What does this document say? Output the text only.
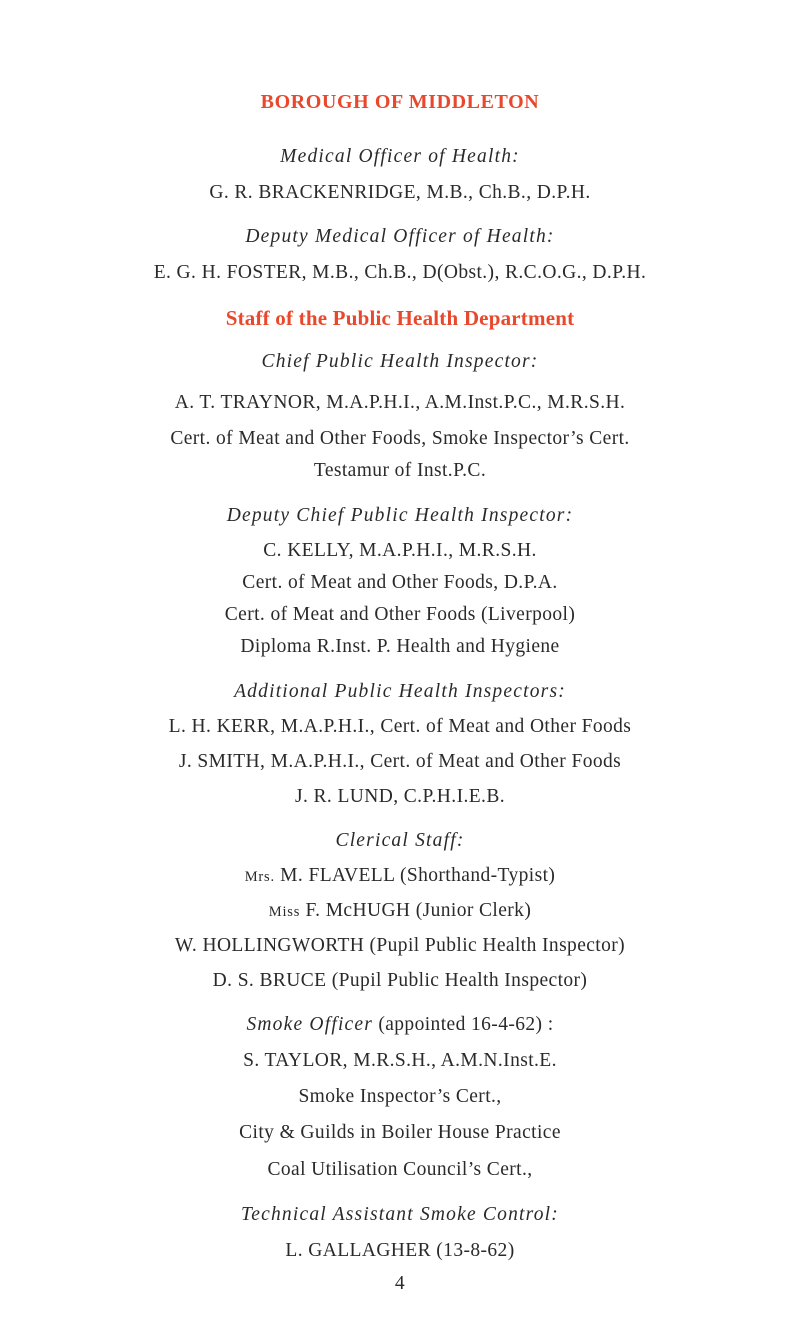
BOROUGH OF MIDDLETON
Medical Officer of Health:
G. R. BRACKENRIDGE, M.B., Ch.B., D.P.H.
Deputy Medical Officer of Health:
E. G. H. FOSTER, M.B., Ch.B., D(Obst.), R.C.O.G., D.P.H.
Staff of the Public Health Department
Chief Public Health Inspector:
A. T. TRAYNOR, M.A.P.H.I., A.M.Inst.P.C., M.R.S.H.
Cert. of Meat and Other Foods, Smoke Inspector’s Cert.
Testamur of Inst.P.C.
Deputy Chief Public Health Inspector:
C. KELLY, M.A.P.H.I., M.R.S.H.
Cert. of Meat and Other Foods, D.P.A.
Cert. of Meat and Other Foods (Liverpool)
Diploma R.Inst. P. Health and Hygiene
Additional Public Health Inspectors:
L. H. KERR, M.A.P.H.I., Cert. of Meat and Other Foods
J. SMITH, M.A.P.H.I., Cert. of Meat and Other Foods
J. R. LUND, C.P.H.I.E.B.
Clerical Staff:
Mrs. M. FLAVELL (Shorthand-Typist)
Miss F. McHUGH (Junior Clerk)
W. HOLLINGWORTH (Pupil Public Health Inspector)
D. S. BRUCE (Pupil Public Health Inspector)
Smoke Officer (appointed 16-4-62) :
S. TAYLOR, M.R.S.H., A.M.N.Inst.E.
Smoke Inspector’s Cert.,
City & Guilds in Boiler House Practice
Coal Utilisation Council’s Cert.,
Technical Assistant Smoke Control:
L. GALLAGHER (13-8-62)
4
